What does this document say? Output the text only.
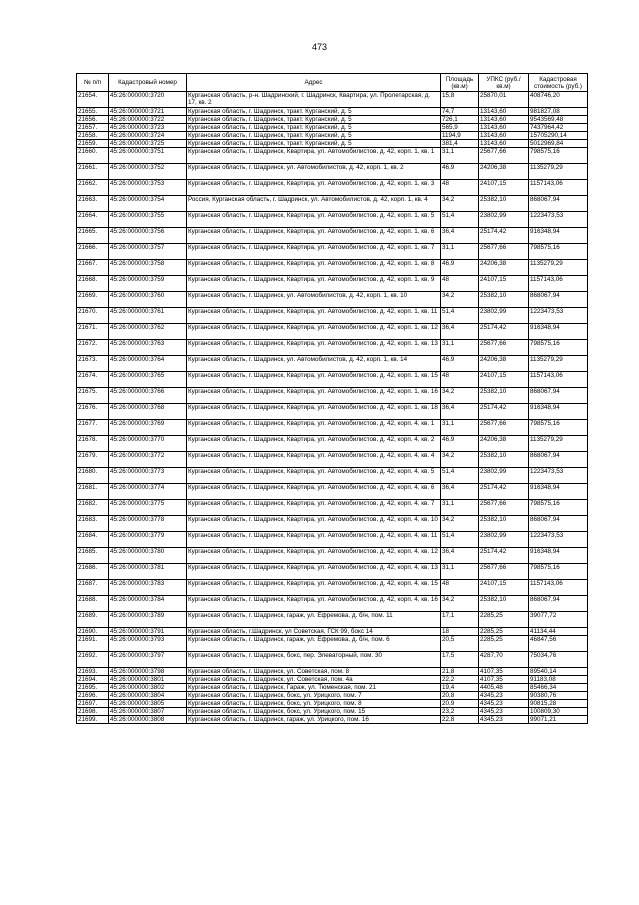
473
№ п/п	Кадастровый номер	Адрес	Площадь (кв.м)	УПКС (руб./кв.м)	Кадастровая стоимость (руб.)
21654.	45:26:000000:3720	Курганская область, р-н. Шадринский, г. Шадринск, Квартира, ул. Пролетарская, д. 17, кв. 2	15,8	25870,01	408746,20
21655.	45:26:000000:3721	Курганская область, г. Шадринск, тракт. Курганский, д. 5	74,7	13143,60	981827,08
21656.	45:26:000000:3722	Курганская область, г. Шадринск, тракт. Курганский, д. 5	726,1	13143,60	9543569,48
21657.	45:26:000000:3723	Курганская область, г. Шадринск, тракт. Курганский, д. 5	565,9	13143,60	7437964,42
21658.	45:26:000000:3724	Курганская область, г. Шадринск, тракт. Курганский, д. 5	1194,9	13143,60	15705290,14
21659.	45:26:000000:3725	Курганская область, г. Шадринск, тракт. Курганский, д. 5	381,4	13143,60	5012969,84
21660.	45:26:000000:3751	Курганская область, г. Шадринск, Квартира, ул. Автомобилистов, д. 42, корп. 1, кв. 1	31,1	25677,66	798575,16
21661.	45:26:000000:3752	Курганская область, г. Шадринск, ул. Автомобилистов, д. 42, корп. 1, кв. 2	46,9	24206,38	1135279,29
21662.	45:26:000000:3753	Курганская область, г. Шадринск, Квартира, ул. Автомобилистов, д. 42, корп. 1, кв. 3	48	24107,15	1157143,06
21663.	45:26:000000:3754	Россия, Курганская область, г. Шадринск, ул. Автомобилистов, д. 42, корп. 1, кв. 4	34,2	25382,10	868067,94
21664.	45:26:000000:3755	Курганская область, г. Шадринск, Квартира, ул. Автомобилистов, д. 42, корп. 1, кв. 5	51,4	23802,99	1223473,53
21665.	45:26:000000:3756	Курганская область, г. Шадринск, Квартира, ул. Автомобилистов, д. 42, корп. 1, кв. 6	36,4	25174,42	916348,94
21666.	45:26:000000:3757	Курганская область, г. Шадринск, Квартира, ул. Автомобилистов, д. 42, корп. 1, кв. 7	31,1	25677,66	798575,16
21667.	45:26:000000:3758	Курганская область, г. Шадринск, Квартира, ул. Автомобилистов, д. 42, корп. 1, кв. 8	46,9	24206,38	1135279,29
21668.	45:26:000000:3759	Курганская область, г. Шадринск, Квартира, ул. Автомобилистов, д. 42, корп. 1, кв. 9	48	24107,15	1157143,06
21669.	45:26:000000:3760	Курганская область, г. Шадринск, ул. Автомобилистов, д. 42, корп. 1, кв. 10	34,2	25382,10	868067,94
21670.	45:26:000000:3761	Курганская область, г. Шадринск, Квартира, ул. Автомобилистов, д. 42, корп. 1, кв. 11	51,4	23802,99	1223473,53
21671.	45:26:000000:3762	Курганская область, г. Шадринск, Квартира, ул. Автомобилистов, д. 42, корп. 1, кв. 12	36,4	25174,42	916348,94
21672.	45:26:000000:3763	Курганская область, г. Шадринск, Квартира, ул. Автомобилистов, д. 42, корп. 1, кв. 13	31,1	25677,66	798575,16
21673.	45:26:000000:3764	Курганская область, г. Шадринск, ул. Автомобилистов, д. 42, корп. 1, кв. 14	46,9	24206,38	1135279,29
21674.	45:26:000000:3765	Курганская область, г. Шадринск, Квартира, ул. Автомобилистов, д. 42, корп. 1, кв. 15	48	24107,15	1157143,06
21675.	45:26:000000:3766	Курганская область, г. Шадринск, Квартира, ул. Автомобилистов, д. 42, корп. 1, кв. 16	34,2	25382,10	868067,94
21676.	45:26:000000:3768	Курганская область, г. Шадринск, Квартира, ул. Автомобилистов, д. 42, корп. 1, кв. 18	36,4	25174,42	916348,94
21677.	45:26:000000:3769	Курганская область, г. Шадринск, Квартира, ул. Автомобилистов, д. 42, корп. 4, кв. 1	31,1	25677,66	798575,16
21678.	45:26:000000:3770	Курганская область, г. Шадринск, Квартира, ул. Автомобилистов, д. 42, корп. 4, кв. 2	46,9	24206,38	1135279,29
21679.	45:26:000000:3772	Курганская область, г. Шадринск, Квартира, ул. Автомобилистов, д. 42, корп. 4, кв. 4	34,2	25382,10	868067,94
21680.	45:26:000000:3773	Курганская область, г. Шадринск, Квартира, ул. Автомобилистов, д. 42, корп. 4, кв. 5	51,4	23802,99	1223473,53
21681.	45:26:000000:3774	Курганская область, г. Шадринск, Квартира, ул. Автомобилистов, д. 42, корп. 4, кв. 6	36,4	25174,42	916348,94
21682.	45:26:000000:3775	Курганская область, г. Шадринск, Квартира, ул. Автомобилистов, д. 42, корп. 4, кв. 7	31,1	25677,66	798575,16
21683.	45:26:000000:3778	Курганская область, г. Шадринск, Квартира, ул. Автомобилистов, д. 42, корп. 4, кв. 10	34,2	25382,10	868067,94
21684.	45:26:000000:3779	Курганская область, г. Шадринск, Квартира, ул. Автомобилистов, д. 42, корп. 4, кв. 11	51,4	23802,99	1223473,53
21685.	45:26:000000:3780	Курганская область, г. Шадринск, Квартира, ул. Автомобилистов, д. 42, корп. 4, кв. 12	36,4	25174,42	916348,94
21686.	45:26:000000:3781	Курганская область, г. Шадринск, Квартира, ул. Автомобилистов, д. 42, корп. 4, кв. 13	31,1	25677,66	798575,16
21687.	45:26:000000:3783	Курганская область, г. Шадринск, Квартира, ул. Автомобилистов, д. 42, корп. 4, кв. 15	48	24107,15	1157143,06
21688.	45:26:000000:3784	Курганская область, г. Шадринск, Квартира, ул. Автомобилистов, д. 42, корп. 4, кв. 16	34,2	25382,10	868067,94
21689.	45:26:000000:3789	Курганская область, г. Шадринск, гараж, ул. Ефремова, д. б/н, пом. 11	17,1	2285,25	39077,72
21690.	45:26:000000:3791	Курганская область, г.Шадринск, ул Советская, ГСК 99, бокс 14	18	2285,25	41134,44
21691.	45:26:000000:3793	Курганская область, г. Шадринск, гараж, ул. Ефремова, д. б/н, пом. 6	20,5	2285,25	46847,56
21692.	45:26:000000:3797	Курганская область, г. Шадринск, бокс, пер. Элеваторный, пом. 30	17,5	4287,70	75034,76
21693.	45:26:000000:3798	Курганская область, г. Шадринск, ул. Советская, пом. 8	21,8	4107,35	89540,14
21694.	45:26:000000:3801	Курганская область, г. Шадринск, ул. Советская, пом. 4а	22,2	4107,35	91183,08
21695.	45:26:000000:3802	Курганская область, г. Шадринск, Гараж, ул. Тюменская, пом. 21	19,4	4405,48	85466,34
21696.	45:26:000000:3804	Курганская область, г. Шадринск, бокс, ул. Урицкого, пом. 7	20,8	4345,23	90380,76
21697.	45:26:000000:3805	Курганская область, г. Шадринск, бокс, ул. Урицкого, пом. 8	20,9	4345,23	90815,28
21698.	45:26:000000:3807	Курганская область, г. Шадринск, бокс, ул. Урицкого, пом. 15	23,2	4345,23	100809,30
21699.	45:26:000000:3808	Курганская область, г. Шадринск, гараж, ул. Урицкого, пом. 16	22,8	4345,23	99071,21
